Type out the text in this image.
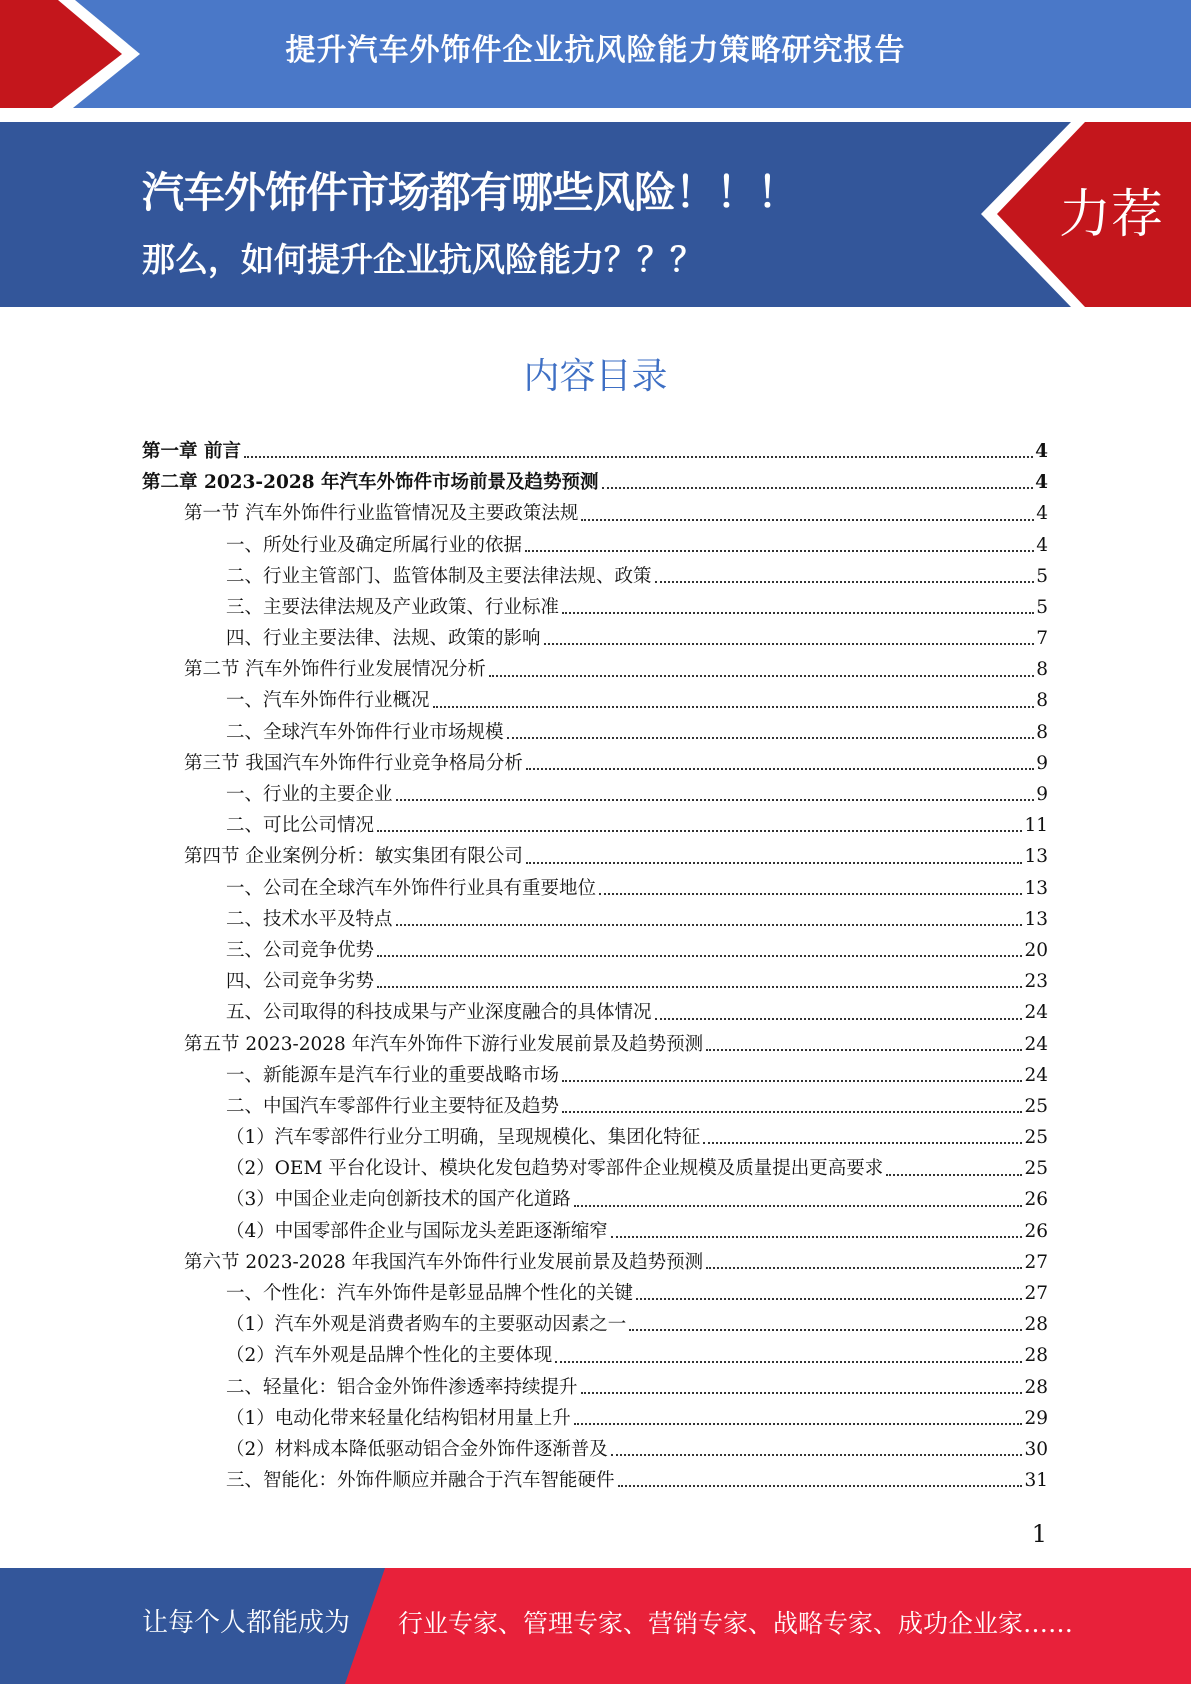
提升汽车外饰件企业抗风险能力策略研究报告
汽车外饰件市场都有哪些风险！！！
那么，如何提升企业抗风险能力？？？
力荐
内容目录
第一章 前言	4
第二章 2023-2028 年汽车外饰件市场前景及趋势预测	4
第一节 汽车外饰件行业监管情况及主要政策法规	4
一、所处行业及确定所属行业的依据	4
二、行业主管部门、监管体制及主要法律法规、政策	5
三、主要法律法规及产业政策、行业标准	5
四、行业主要法律、法规、政策的影响	7
第二节 汽车外饰件行业发展情况分析	8
一、汽车外饰件行业概况	8
二、全球汽车外饰件行业市场规模	8
第三节 我国汽车外饰件行业竞争格局分析	9
一、行业的主要企业	9
二、可比公司情况	11
第四节 企业案例分析：敏实集团有限公司	13
一、公司在全球汽车外饰件行业具有重要地位	13
二、技术水平及特点	13
三、公司竞争优势	20
四、公司竞争劣势	23
五、公司取得的科技成果与产业深度融合的具体情况	24
第五节 2023-2028 年汽车外饰件下游行业发展前景及趋势预测	24
一、新能源车是汽车行业的重要战略市场	24
二、中国汽车零部件行业主要特征及趋势	25
（1）汽车零部件行业分工明确，呈现规模化、集团化特征	25
（2）OEM 平台化设计、模块化发包趋势对零部件企业规模及质量提出更高要求	25
（3）中国企业走向创新技术的国产化道路	26
（4）中国零部件企业与国际龙头差距逐渐缩窄	26
第六节 2023-2028 年我国汽车外饰件行业发展前景及趋势预测	27
一、个性化：汽车外饰件是彰显品牌个性化的关键	27
（1）汽车外观是消费者购车的主要驱动因素之一	28
（2）汽车外观是品牌个性化的主要体现	28
二、轻量化：铝合金外饰件渗透率持续提升	28
（1）电动化带来轻量化结构铝材用量上升	29
（2）材料成本降低驱动铝合金外饰件逐渐普及	30
三、智能化：外饰件顺应并融合于汽车智能硬件	31
1
让每个人都能成为 行业专家、管理专家、营销专家、战略专家、成功企业家……
